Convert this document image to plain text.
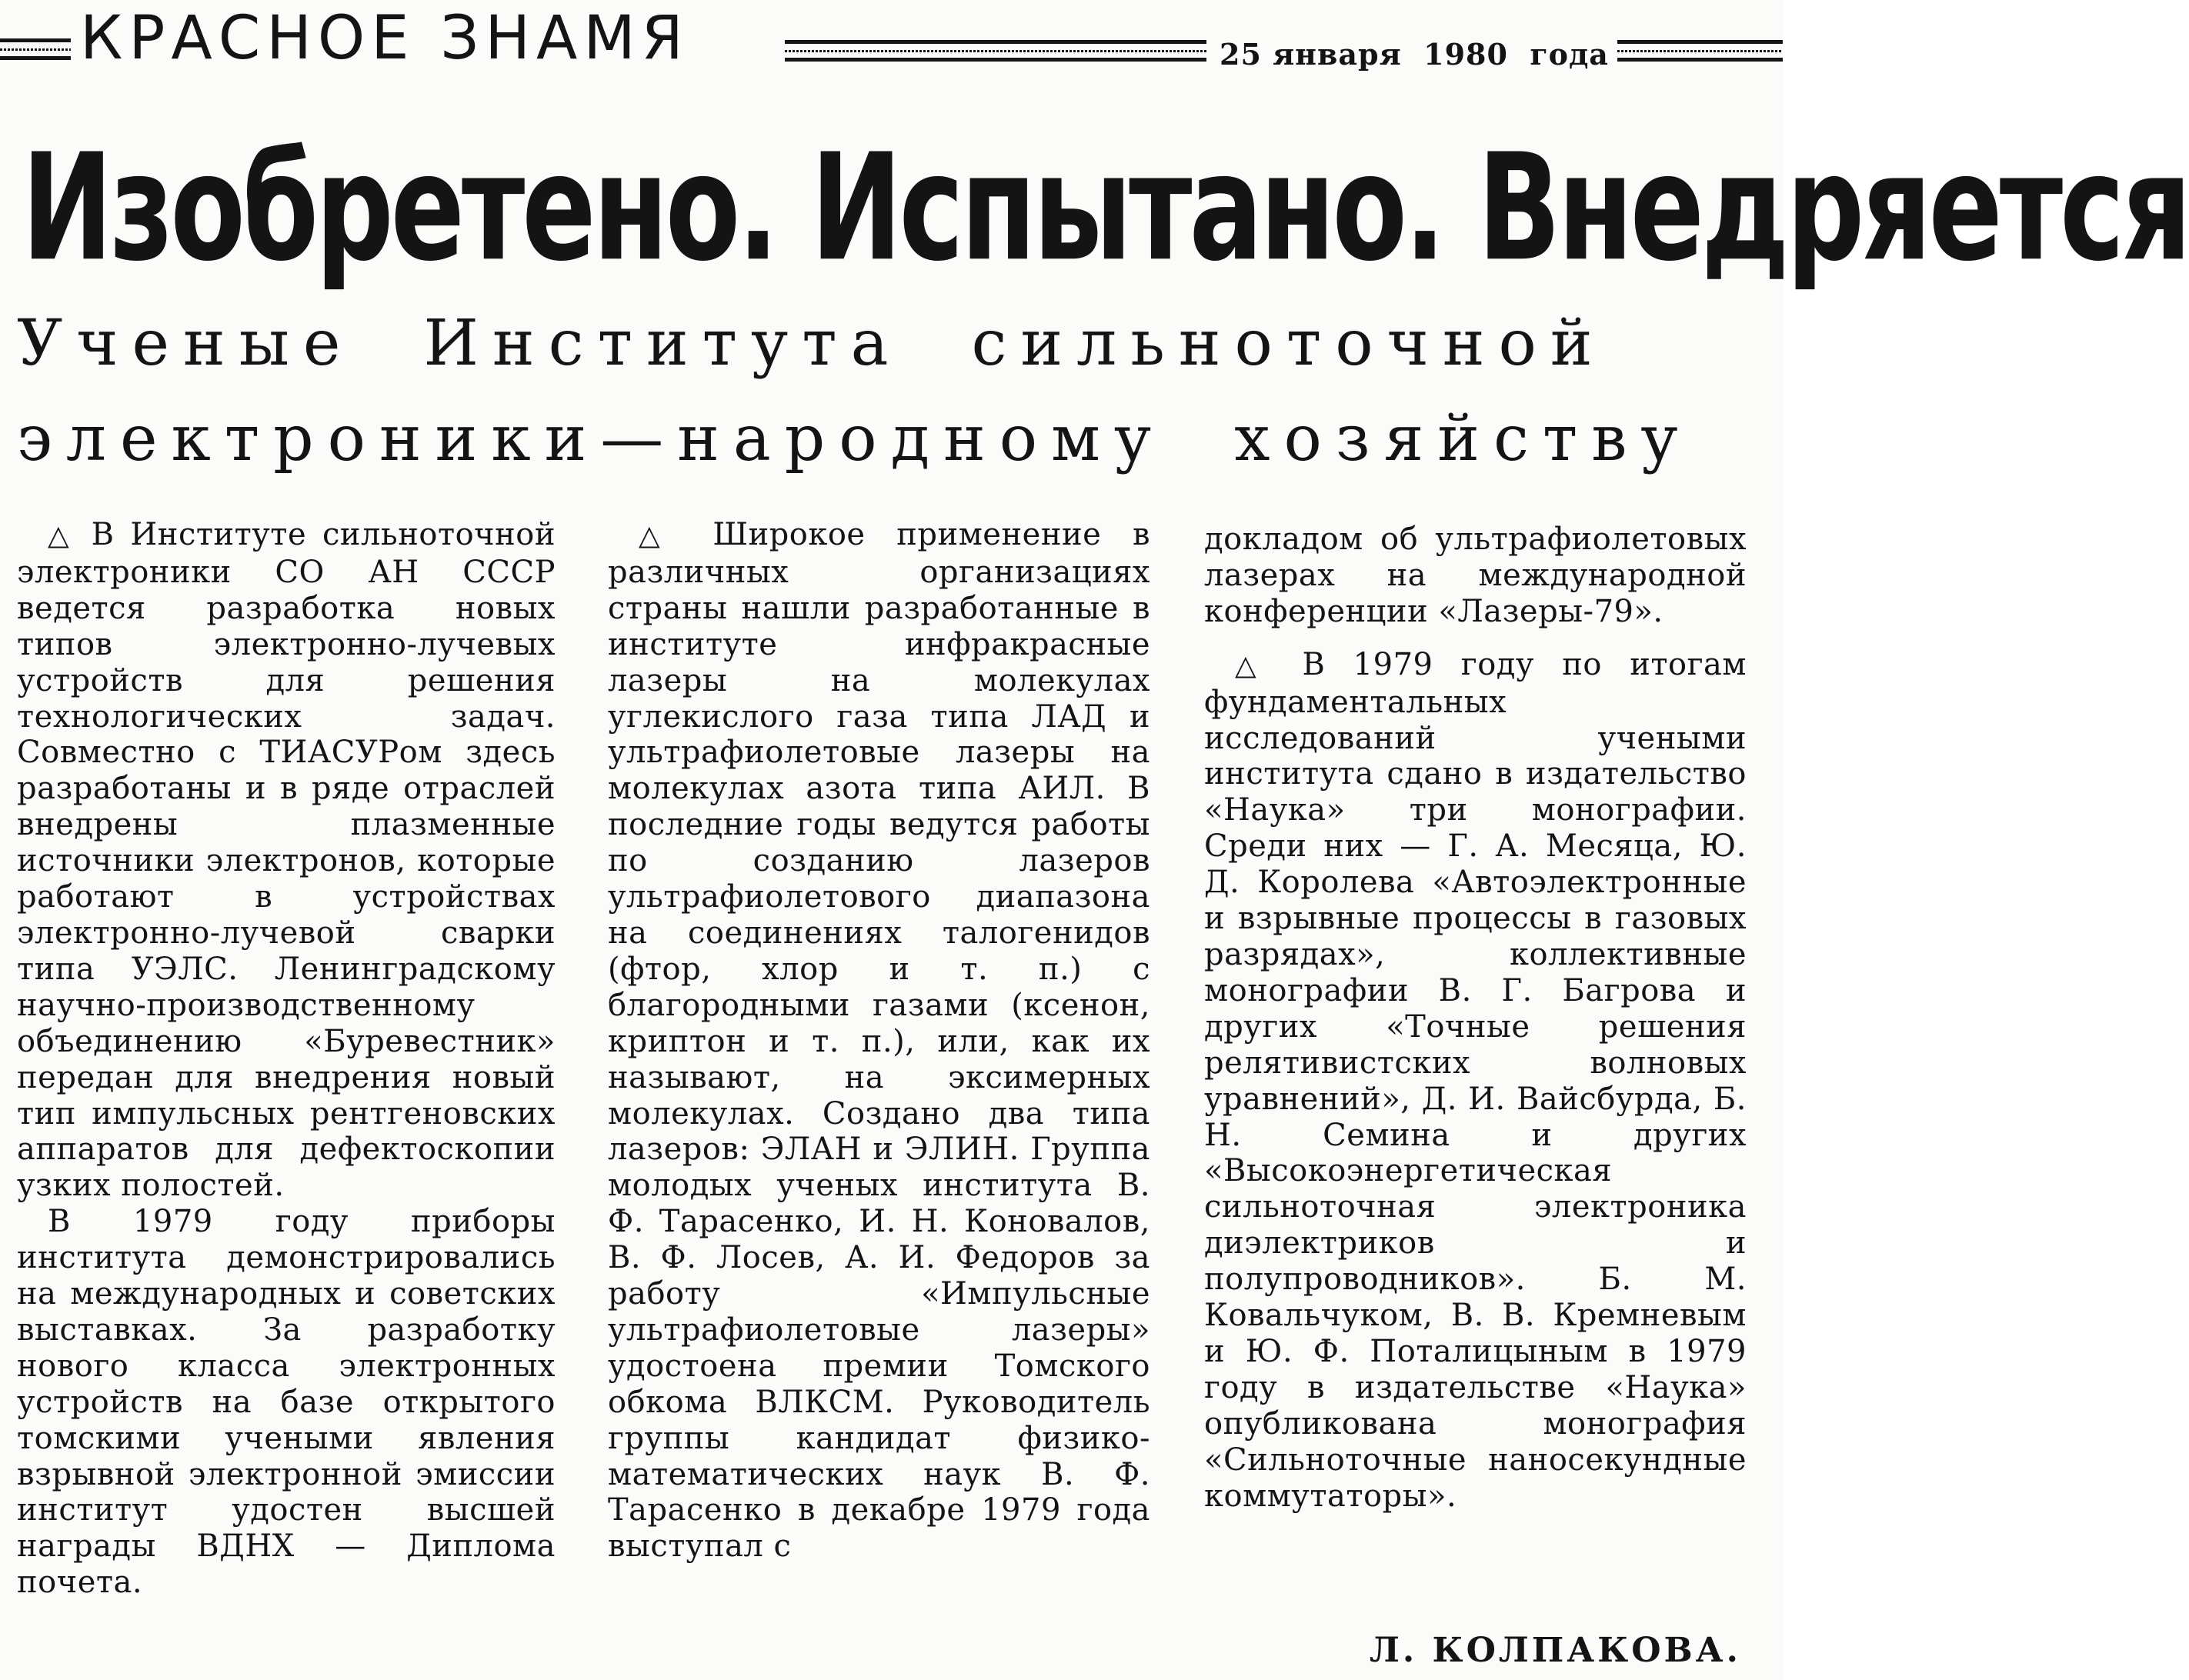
КРАСНОЕ ЗНАМЯ	25 января  1980  года
Изобретено. Испытано. Внедряется
Ученые Института сильноточной
электроники—народному хозяйству

△ В Институте сильноточной электроники СО АН СССР ведется разработка новых типов электронно-лучевых устройств для решения технологических задач. Совместно с ТИАСУРом здесь разработаны и в ряде отраслей внедрены плазменные источники электронов, которые работают в устройствах электронно-лучевой сварки типа УЭЛС. Ленинградскому научно-производственному объединению «Буревестник» передан для внедрения новый тип импульсных рентгеновских аппаратов для дефектоскопии узких полостей.

В 1979 году приборы института демонстрировались на международных и советских выставках. За разработку нового класса электронных устройств на базе открытого томскими учеными явления взрывной электронной эмиссии институт удостен высшей награды ВДНХ — Диплома почета.

△ Широкое применение в различных организациях страны нашли разработанные в институте инфракрасные лазеры на молекулах углекислого газа типа ЛАД и ультрафиолетовые лазеры на молекулах азота типа АИЛ. В последние годы ведутся работы по созданию лазеров ультрафиолетового диапазона на соединениях талогенидов (фтор, хлор и т. п.) с благородными газами (ксенон, криптон и т. п.), или, как их называют, на эксимерных молекулах. Создано два типа лазеров: ЭЛАН и ЭЛИН. Группа молодых ученых института В. Ф. Тарасенко, И. Н. Коновалов, В. Ф. Лосев, А. И. Федоров за работу «Импульсные ультрафиолетовые лазеры» удостоена премии Томского обкома ВЛКСМ. Руководитель группы кандидат физико-математических наук В. Ф. Тарасенко в декабре 1979 года выступал с

докладом об ультрафиолетовых лазерах на международной конференции «Лазеры-79».

△ В 1979 году по итогам фундаментальных исследований учеными института сдано в издательство «Наука» три монографии. Среди них — Г. А. Месяца, Ю. Д. Королева «Автоэлектронные и взрывные процессы в газовых разрядах», коллективные монографии В. Г. Багрова и других «Точные решения релятивистских волновых уравнений», Д. И. Вайсбурда, Б. Н. Семина и других «Высокоэнергетическая сильноточная электроника диэлектриков и полупроводников». Б. М. Ковальчуком, В. В. Кремневым и Ю. Ф. Поталицыным в 1979 году в издательстве «Наука» опубликована монография «Сильноточные наносекундные коммутаторы».

Л. КОЛПАКОВА.
